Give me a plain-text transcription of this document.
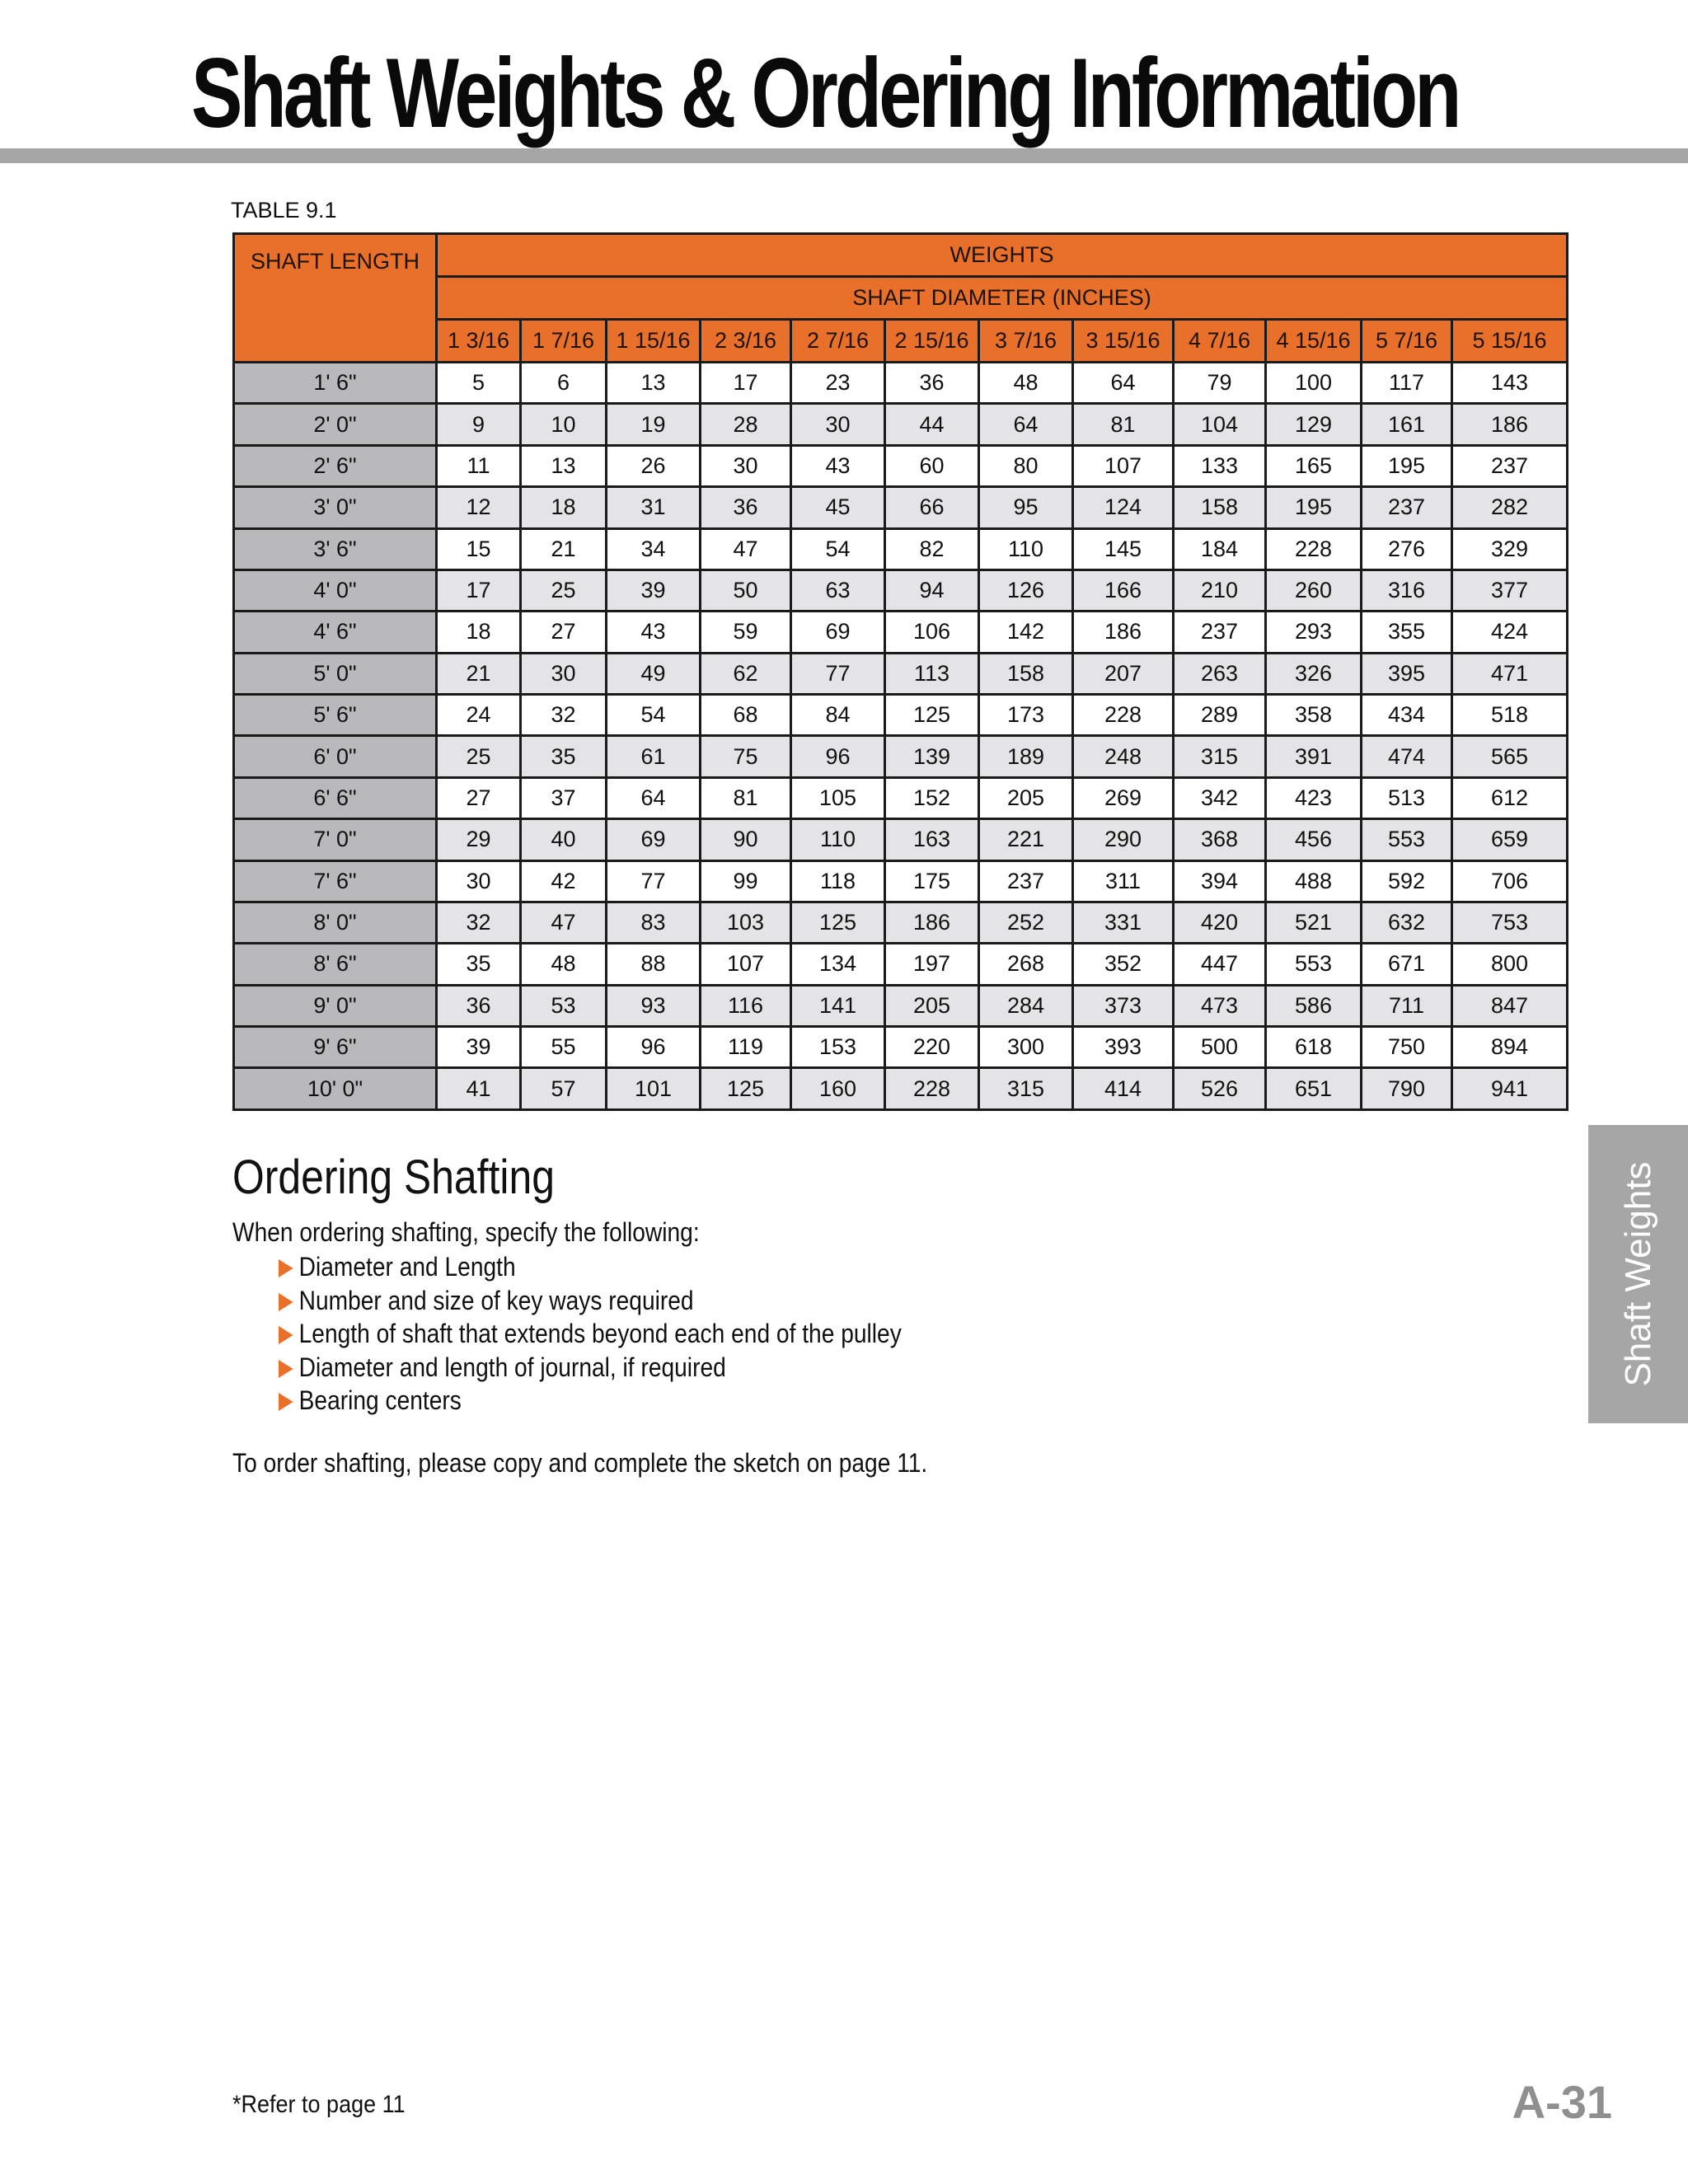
Shaft Weights & Ordering Information
TABLE 9.1
SHAFT LENGTH	WEIGHTS											
	SHAFT DIAMETER (INCHES)											
	1 3/16	1 7/16	1 15/16	2 3/16	2 7/16	2 15/16	3 7/16	3 15/16	4 7/16	4 15/16	5 7/16	5 15/16
1' 6"	5	6	13	17	23	36	48	64	79	100	117	143
2' 0"	9	10	19	28	30	44	64	81	104	129	161	186
2' 6"	11	13	26	30	43	60	80	107	133	165	195	237
3' 0"	12	18	31	36	45	66	95	124	158	195	237	282
3' 6"	15	21	34	47	54	82	110	145	184	228	276	329
4' 0"	17	25	39	50	63	94	126	166	210	260	316	377
4' 6"	18	27	43	59	69	106	142	186	237	293	355	424
5' 0"	21	30	49	62	77	113	158	207	263	326	395	471
5' 6"	24	32	54	68	84	125	173	228	289	358	434	518
6' 0"	25	35	61	75	96	139	189	248	315	391	474	565
6' 6"	27	37	64	81	105	152	205	269	342	423	513	612
7' 0"	29	40	69	90	110	163	221	290	368	456	553	659
7' 6"	30	42	77	99	118	175	237	311	394	488	592	706
8' 0"	32	47	83	103	125	186	252	331	420	521	632	753
8' 6"	35	48	88	107	134	197	268	352	447	553	671	800
9' 0"	36	53	93	116	141	205	284	373	473	586	711	847
9' 6"	39	55	96	119	153	220	300	393	500	618	750	894
10' 0"	41	57	101	125	160	228	315	414	526	651	790	941
Ordering Shafting
When ordering shafting, specify the following:
Diameter and Length
Number and size of key ways required
Length of shaft that extends beyond each end of the pulley
Diameter and length of journal, if required
Bearing centers
To order shafting, please copy and complete the sketch on page 11.
Shaft Weights
*Refer to page 11	A-31
